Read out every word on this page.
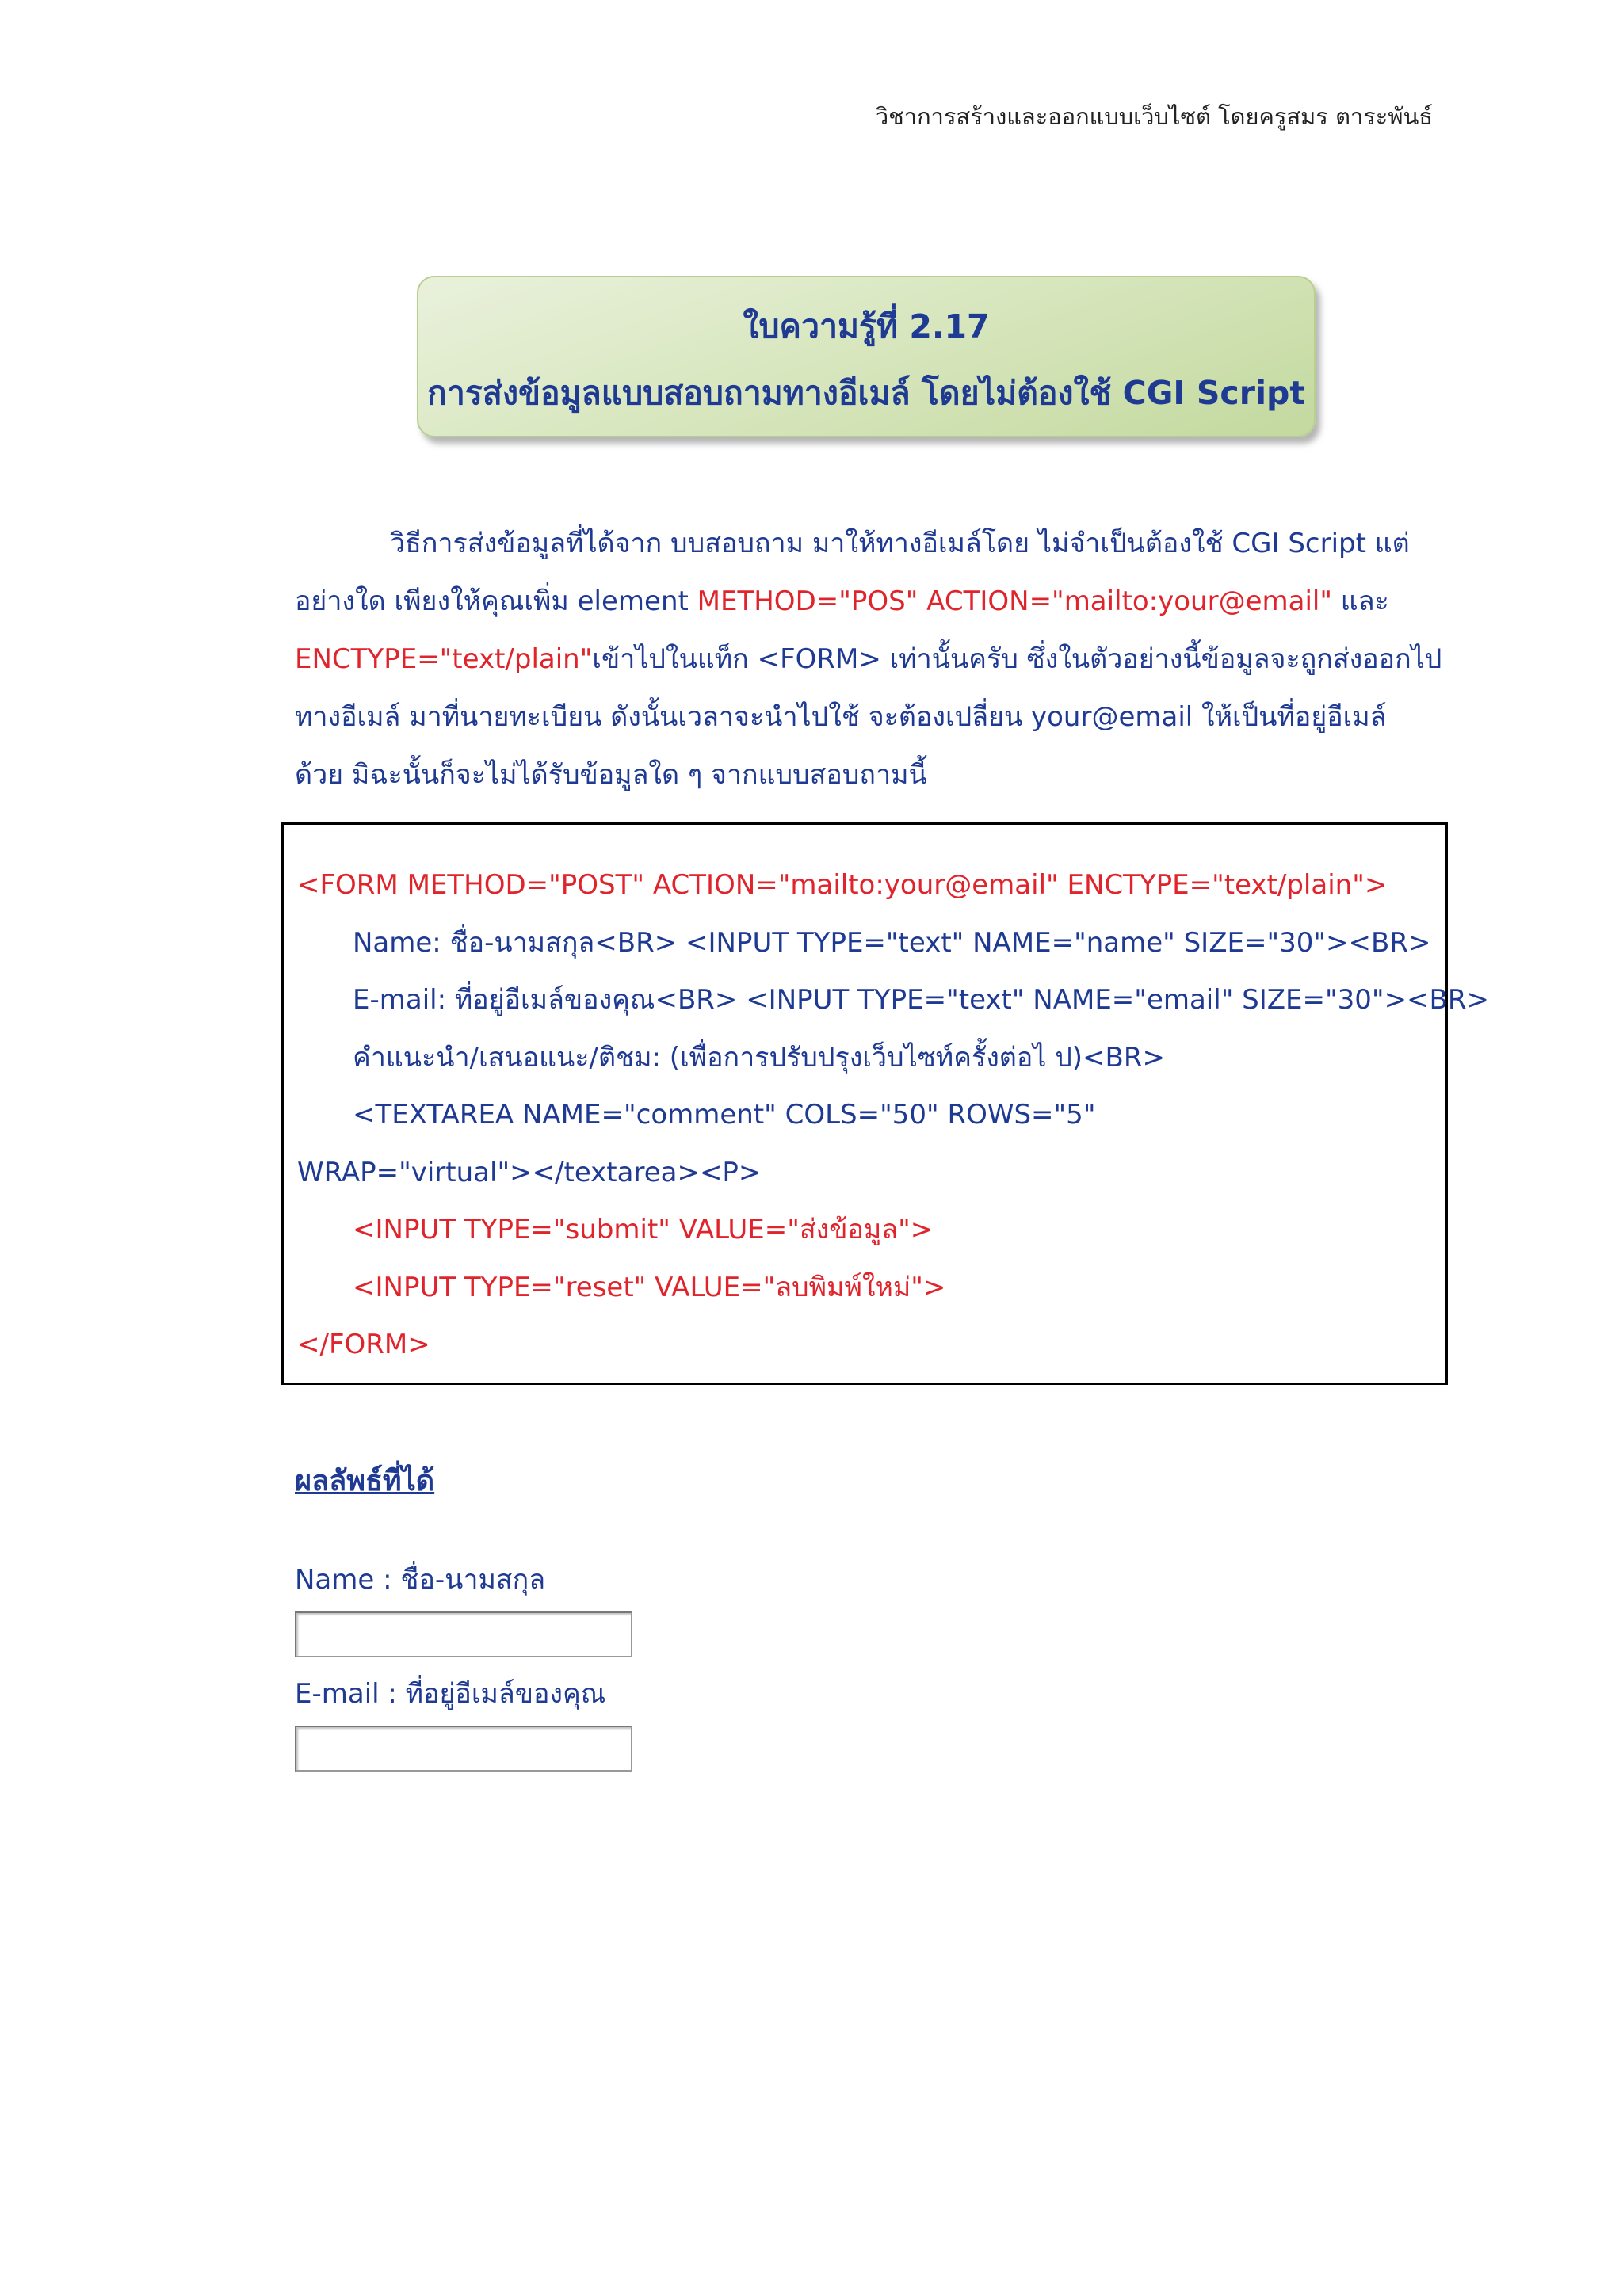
วิชาการสร้างและออกแบบเว็บไซต์ โดยครูสมร ตาระพันธ์
ใบความรู้ที่ 2.17
การส่งข้อมูลแบบสอบถามทางอีเมล์ โดยไม่ต้องใช้ CGI Script
วิธีการส่งข้อมูลที่ได้จาก บบสอบถาม มาให้ทางอีเมล์โดย ไม่จำเป็นต้องใช้ CGI Script แต่
อย่างใด เพียงให้คุณเพิ่ม element METHOD="POS" ACTION="mailto:your@email" และ
ENCTYPE="text/plain"เข้าไปในแท็ก <FORM> เท่านั้นครับ ซึ่งในตัวอย่างนี้ข้อมูลจะถูกส่งออกไป
ทางอีเมล์ มาที่นายทะเบียน ดังนั้นเวลาจะนำไปใช้ จะต้องเปลี่ยน your@email ให้เป็นที่อยู่อีเมล์
ด้วย มิฉะนั้นก็จะไม่ได้รับข้อมูลใด ๆ จากแบบสอบถามนี้
<FORM METHOD="POST" ACTION="mailto:your@email" ENCTYPE="text/plain">
Name: ชื่อ-นามสกุล<BR> <INPUT TYPE="text" NAME="name" SIZE="30"><BR>
E-mail: ที่อยู่อีเมล์ของคุณ<BR> <INPUT TYPE="text" NAME="email" SIZE="30"><BR>
คำแนะนำ/เสนอแนะ/ติชม: (เพื่อการปรับปรุงเว็บไซท์ครั้งต่อไ ป)<BR>
<TEXTAREA NAME="comment" COLS="50" ROWS="5"
WRAP="virtual"></textarea><P>
<INPUT TYPE="submit" VALUE="ส่งข้อมูล">
<INPUT TYPE="reset" VALUE="ลบพิมพ์ใหม่">
</FORM>
ผลลัพธ์ที่ได้
Name : ชื่อ-นามสกุล
E-mail : ที่อยู่อีเมล์ของคุณ
